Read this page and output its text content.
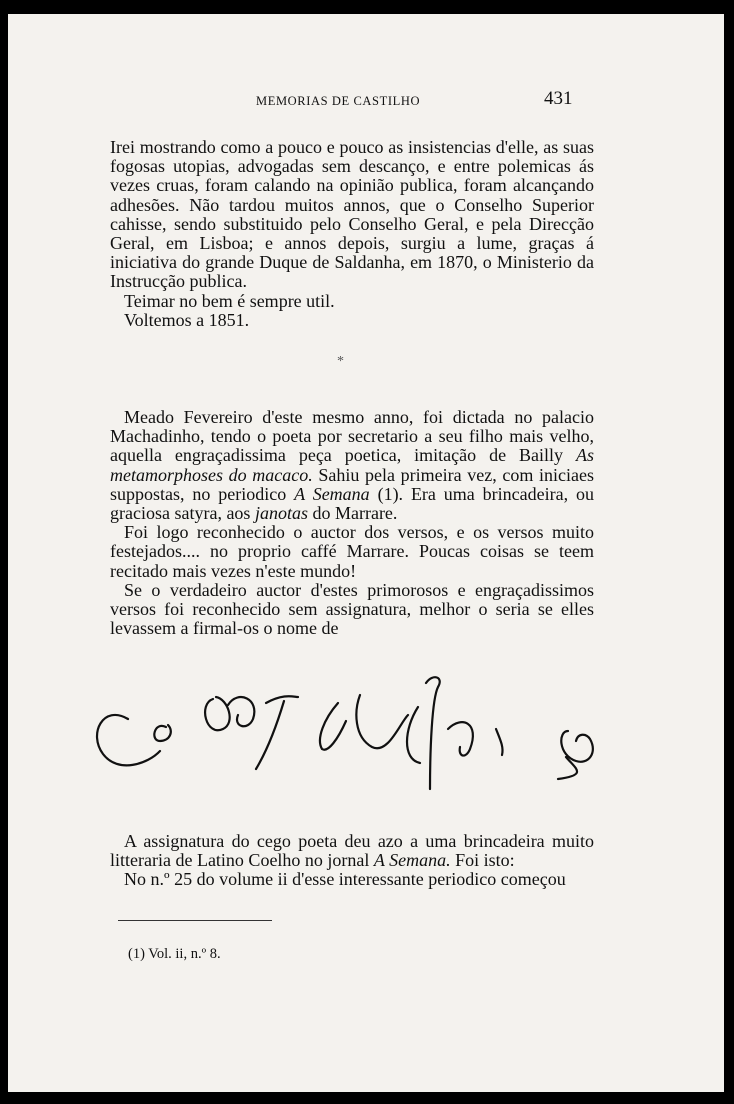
MEMORIAS DE CASTILHO	431

Irei mostrando como a pouco e pouco as insistencias d'elle, as suas fogosas utopias, advogadas sem descanço, e entre polemicas ás vezes cruas, foram calando na opinião publica, foram alcançando adhesões. Não tardou muitos annos, que o Conselho Superior cahisse, sendo substituido pelo Conselho Geral, e pela Direcção Geral, em Lisboa; e annos depois, surgiu a lume, graças á iniciativa do grande Duque de Saldanha, em 1870, o Ministerio da Instrucção publica.

Teimar no bem é sempre util.

Voltemos a 1851.

*

Meado Fevereiro d'este mesmo anno, foi dictada no palacio Machadinho, tendo o poeta por secretario a seu filho mais velho, aquella engraçadissima peça poetica, imitação de Bailly As metamorphoses do macaco. Sahiu pela primeira vez, com iniciaes suppostas, no periodico A Semana (1). Era uma brincadeira, ou graciosa satyra, aos janotas do Marrare.

Foi logo reconhecido o auctor dos versos, e os versos muito festejados.... no proprio caffé Marrare. Poucas coisas se teem recitado mais vezes n'este mundo!

Se o verdadeiro auctor d'estes primorosos e engraçadissimos versos foi reconhecido sem assignatura, melhor o seria se elles levassem a firmal-os o nome de

A assignatura do cego poeta deu azo a uma brincadeira muito litteraria de Latino Coelho no jornal A Semana. Foi isto:

No n.º 25 do volume ii d'esse interessante periodico começou

(1) Vol. ii, n.º 8.
